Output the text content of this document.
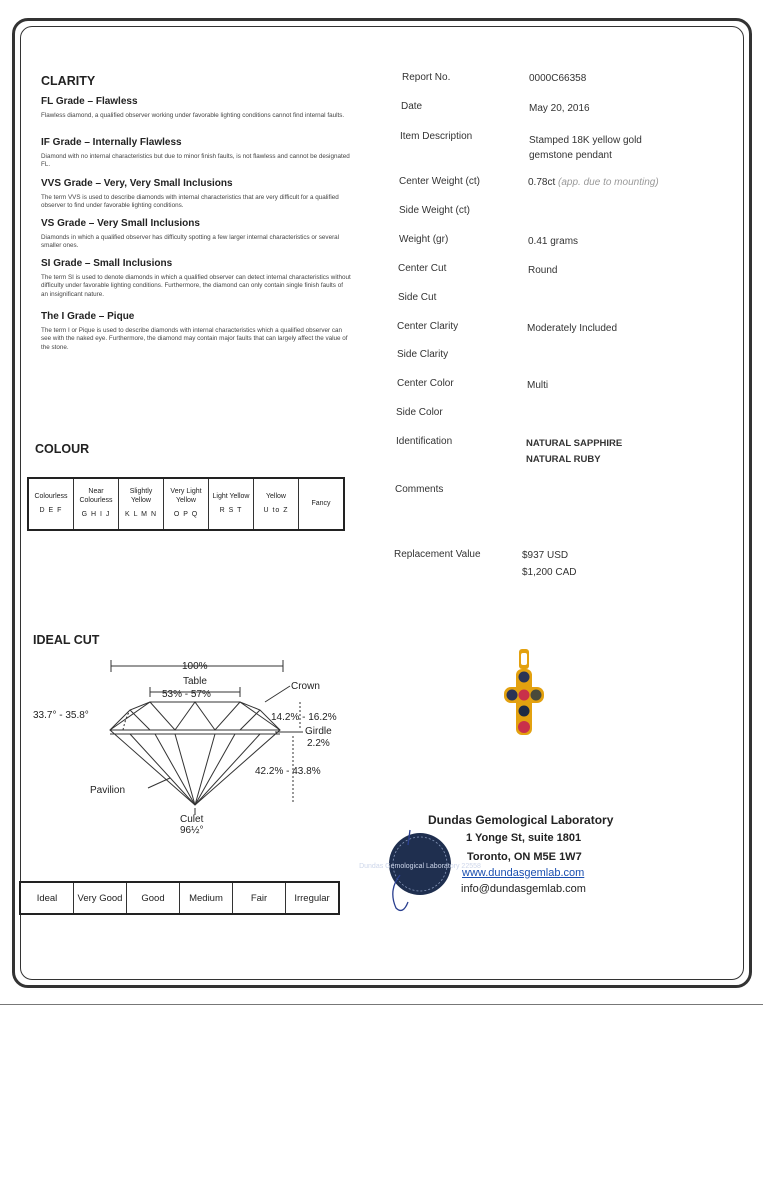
CLARITY
FL Grade – Flawless
Flawless diamond, a qualified observer working under favorable lighting conditions cannot find internal faults.
IF Grade – Internally Flawless
Diamond with no internal characteristics but due to minor finish faults, is not flawless and cannot be designated FL.
VVS Grade – Very, Very Small Inclusions
The term VVS is used to describe diamonds with internal characteristics that are very difficult for a qualified observer to find under favorable lighting conditions.
VS Grade – Very Small Inclusions
Diamonds in which a qualified observer has difficulty spotting a few larger internal characteristics or several smaller ones.
SI Grade – Small Inclusions
The term SI is used to denote diamonds in which a qualified observer can detect internal characteristics without difficulty under favorable lighting conditions. Furthermore, the diamond can only contain single finish faults of an insignificant nature.
The I Grade – Pique
The term I or Pique is used to describe diamonds with internal characteristics which a qualified observer can see with the naked eye. Furthermore, the diamond may contain major faults that can largely affect the value of the stone.
COLOUR
Colourless
D E F
	Near Colourless
G H I J
	Slightly Yellow
K L M N
	Very Light Yellow
O P Q
	Light Yellow
R S T
	Yellow
U to Z
	Fancy
IDEAL CUT
100%
Table
53% - 57%
Crown
33.7° - 35.8°	14.2% - 16.2%
Girdle
2.2%
42.2% - 43.8%
Pavilion
Culet
96½°
Ideal	Very Good	Good	Medium	Fair	Irregular
Report No.	0000C66358
Date	May 20, 2016
Item Description	Stamped 18K yellow gold gemstone pendant
Center Weight (ct)	0.78ct (app. due to mounting)
Side Weight (ct)
Weight (gr)	0.41 grams
Center Cut	Round
Side Cut
Center Clarity	Moderately Included
Side Clarity
Center Color	Multi
Side Color
Identification	NATURAL SAPPHIRE
NATURAL RUBY
Comments
Replacement Value	$937 USD
$1,200 CAD
Dundas Gemological Laboratory
1 Yonge St, suite 1801
Toronto, ON M5E 1W7
www.dundasgemlab.com
info@dundasgemlab.com
Dundas Gemological Laboratory 22558
